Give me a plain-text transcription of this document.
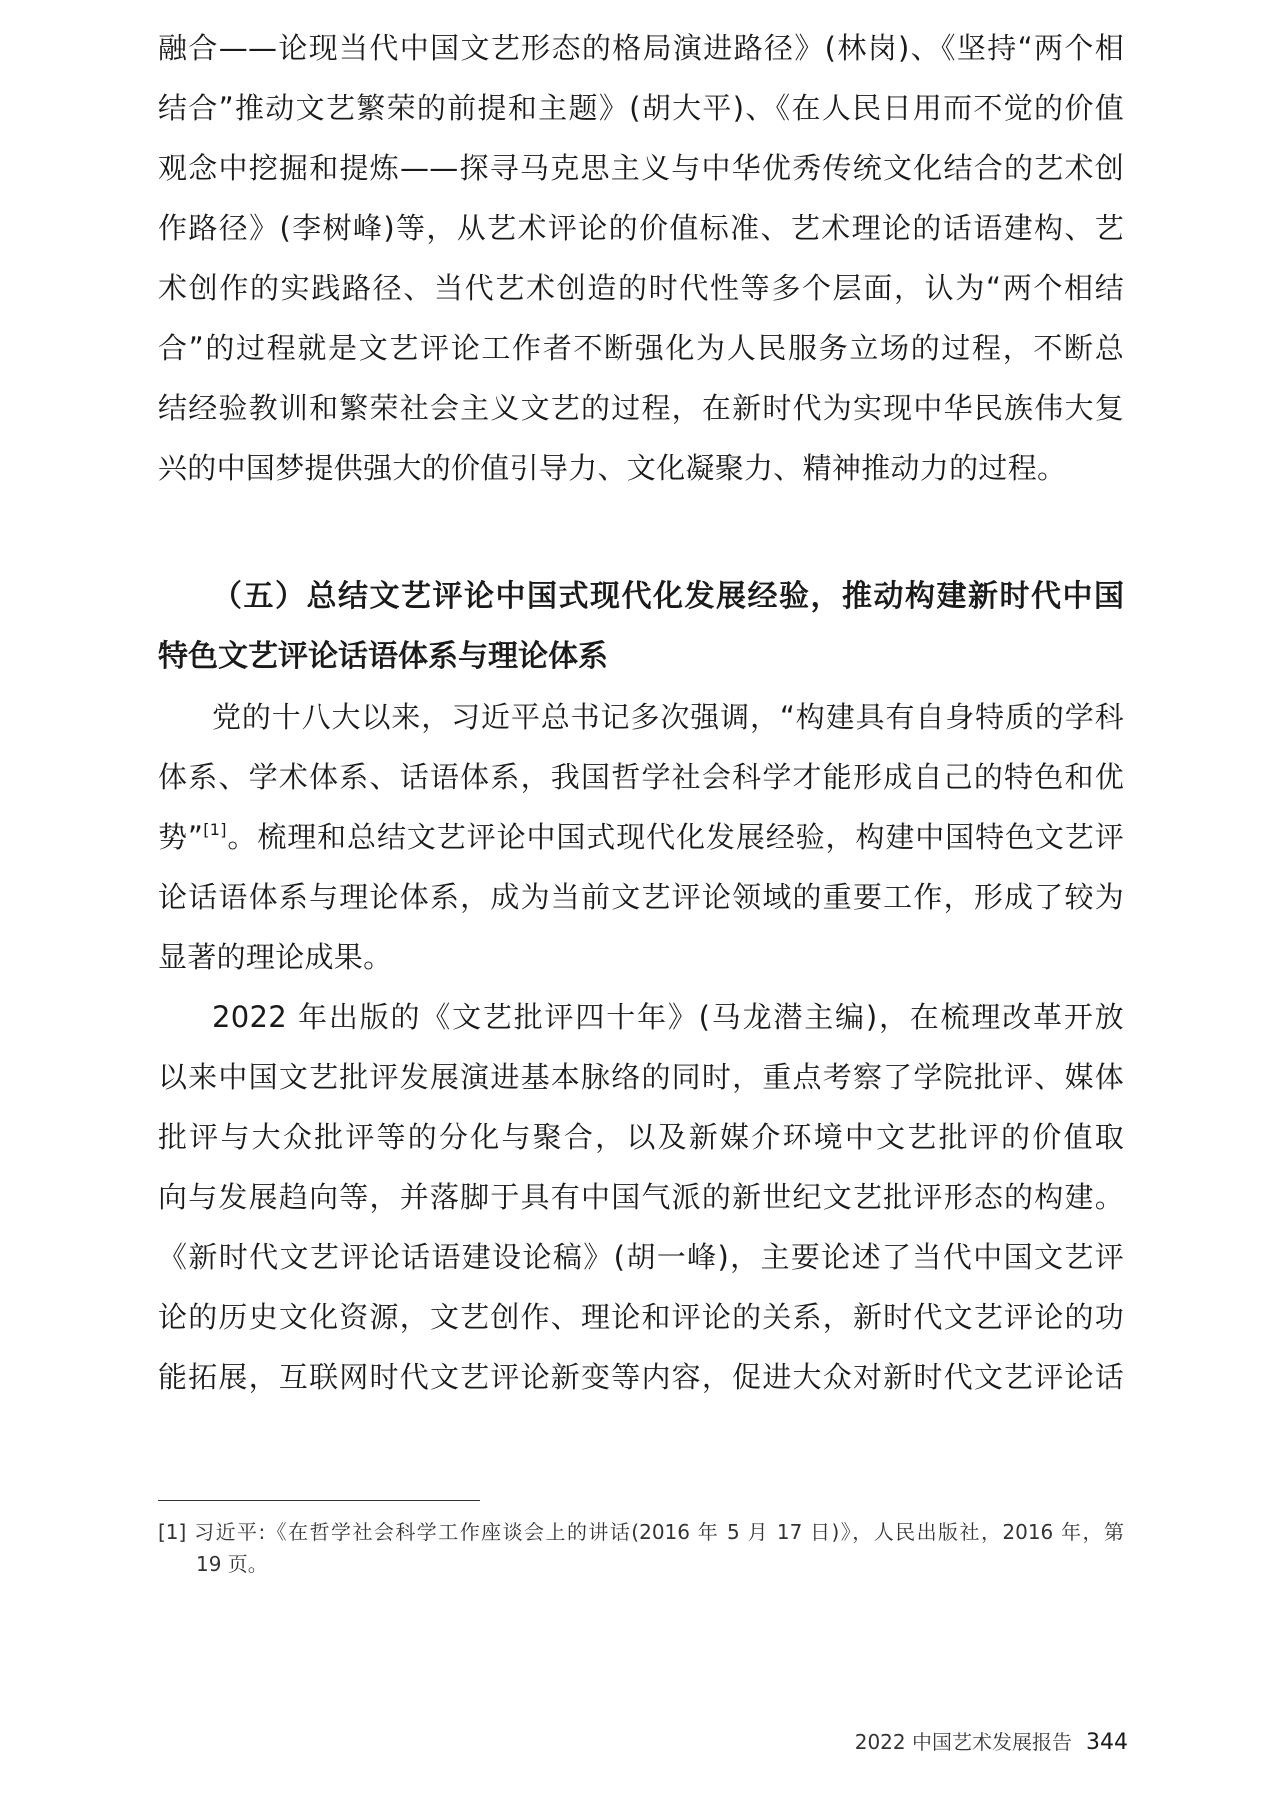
融合——论现当代中国文艺形态的格局演进路径》(林岗)、《坚持“两个相
结合”推动文艺繁荣的前提和主题》(胡大平)、《在人民日用而不觉的价值
观念中挖掘和提炼——探寻马克思主义与中华优秀传统文化结合的艺术创
作路径》(李树峰)等，从艺术评论的价值标准、艺术理论的话语建构、艺
术创作的实践路径、当代艺术创造的时代性等多个层面，认为“两个相结
合”的过程就是文艺评论工作者不断强化为人民服务立场的过程，不断总
结经验教训和繁荣社会主义文艺的过程，在新时代为实现中华民族伟大复
兴的中国梦提供强大的价值引导力、文化凝聚力、精神推动力的过程。
（五）总结文艺评论中国式现代化发展经验，推动构建新时代中国
特色文艺评论话语体系与理论体系
党的十八大以来，习近平总书记多次强调，“构建具有自身特质的学科
体系、学术体系、话语体系，我国哲学社会科学才能形成自己的特色和优
势”[1]。梳理和总结文艺评论中国式现代化发展经验，构建中国特色文艺评
论话语体系与理论体系，成为当前文艺评论领域的重要工作，形成了较为
显著的理论成果。
2022 年出版的《文艺批评四十年》(马龙潜主编)，在梳理改革开放
以来中国文艺批评发展演进基本脉络的同时，重点考察了学院批评、媒体
批评与大众批评等的分化与聚合，以及新媒介环境中文艺批评的价值取
向与发展趋向等，并落脚于具有中国气派的新世纪文艺批评形态的构建。
《新时代文艺评论话语建设论稿》(胡一峰)，主要论述了当代中国文艺评
论的历史文化资源，文艺创作、理论和评论的关系，新时代文艺评论的功
能拓展，互联网时代文艺评论新变等内容，促进大众对新时代文艺评论话
[1] 习近平:《在哲学社会科学工作座谈会上的讲话(2016 年 5 月 17 日)》，人民出版社，2016 年，第
19 页。
2022 中国艺术发展报告 344
